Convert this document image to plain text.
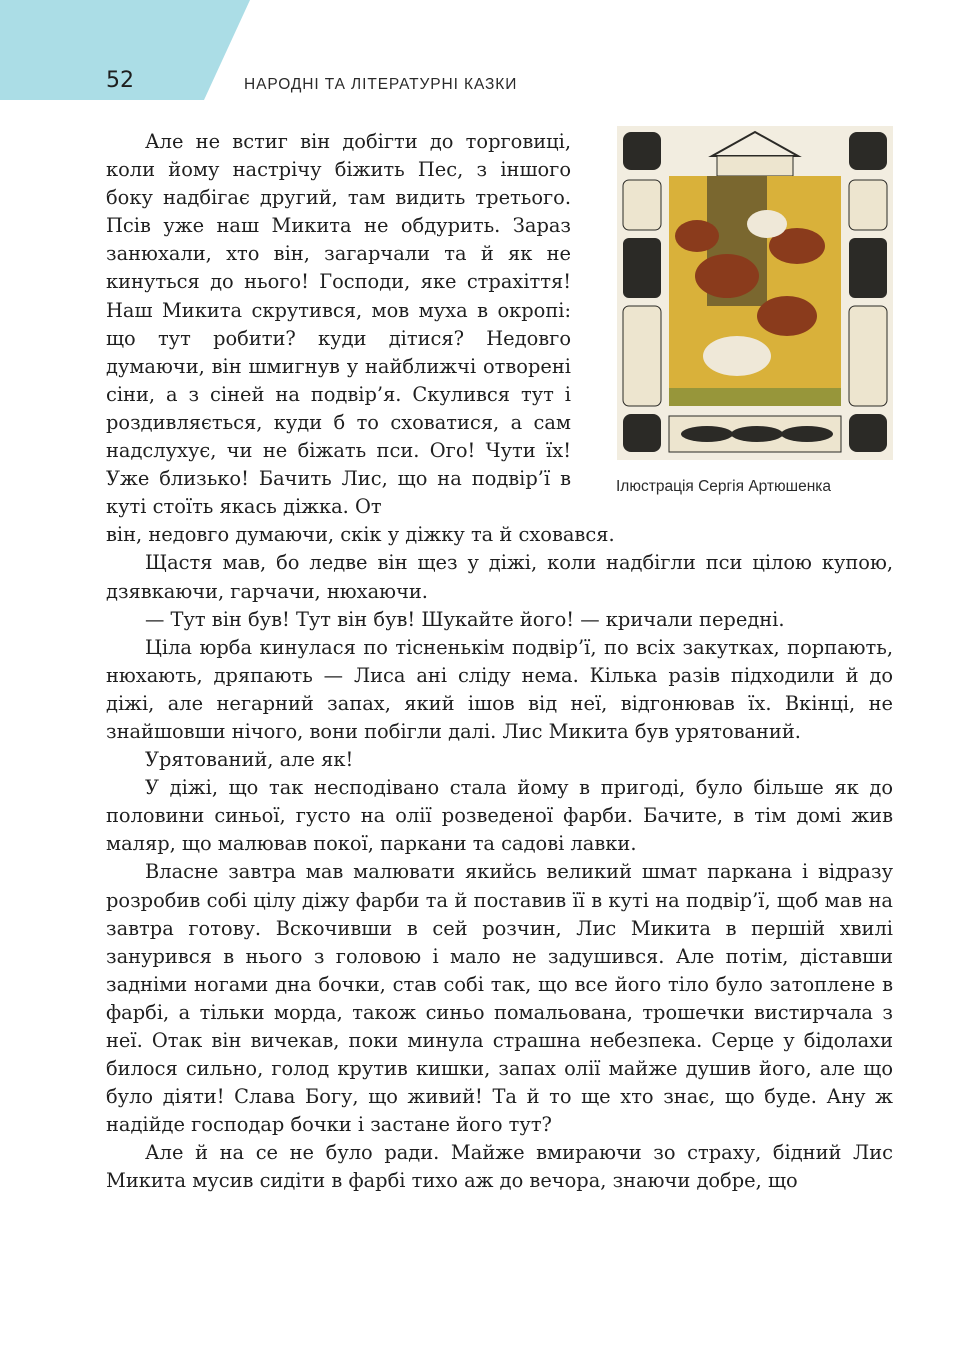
52	НАРОДНІ ТА ЛІТЕРАТУРНІ КАЗКИ
Ілюстрація Сергія Артюшенка

Але не встиг він добігти до торговиці, коли йому настрічу біжить Пес, з іншого боку надбігає другий, там видить третього. Псів уже наш Микита не обдурить. Зараз занюхали, хто він, загарчали та й як не кинуться до нього! Господи, яке страхіття! Наш Микита скрутився, мов муха в окропі: що тут робити? куди дітися? Недовго думаючи, він шмигнув у найближчі отворені сіни, а з сіней на подвір’я. Скулився тут і роздивляється, куди б то сховатися, а сам надслухує, чи не біжать пси. Ого! Чути їх! Уже близько! Бачить Лис, що на подвір’ї в куті стоїть якась діжка. От

він, недовго думаючи, скік у діжку та й сховався.

Щастя мав, бо ледве він щез у діжі, коли надбігли пси цілою купою, дзявкаючи, гарчачи, нюхаючи.

— Тут він був! Тут він був! Шукайте його! — кричали передні.

Ціла юрба кинулася по тісненькім подвір’ї, по всіх закутках, порпають, нюхають, дряпають — Лиса ані сліду нема. Кілька разів підходили й до діжі, але негарний запах, який ішов від неї, відгонював їх. Вкінці, не знайшовши нічого, вони побігли далі. Лис Микита був урятований.

Урятований, але як!

У діжі, що так несподівано стала йому в пригоді, було більше як до половини синьої, густо на олії розведеної фарби. Бачите, в тім домі жив маляр, що малював покої, паркани та садові лавки.

Власне завтра мав малювати якийсь великий шмат паркана і відразу розробив собі цілу діжу фарби та й поставив її в куті на подвір’ї, щоб мав на завтра готову. Вскочивши в сей розчин, Лис Микита в першій хвилі занурився в нього з головою і мало не задушився. Але потім, діставши задніми ногами дна бочки, став собі так, що все його тіло було затоплене в фарбі, а тільки морда, також синьо помальована, трошечки вистирчала з неї. Отак він вичекав, поки минула страшна небезпека. Серце у бідолахи билося сильно, голод крутив кишки, запах олії майже душив його, але що було діяти! Слава Богу, що живий! Та й то ще хто знає, що буде. Ану ж надійде господар бочки і застане його тут?

Але й на се не було ради. Майже вмираючи зо страху, бідний Лис Микита мусив сидіти в фарбі тихо аж до вечора, знаючи добре, що
